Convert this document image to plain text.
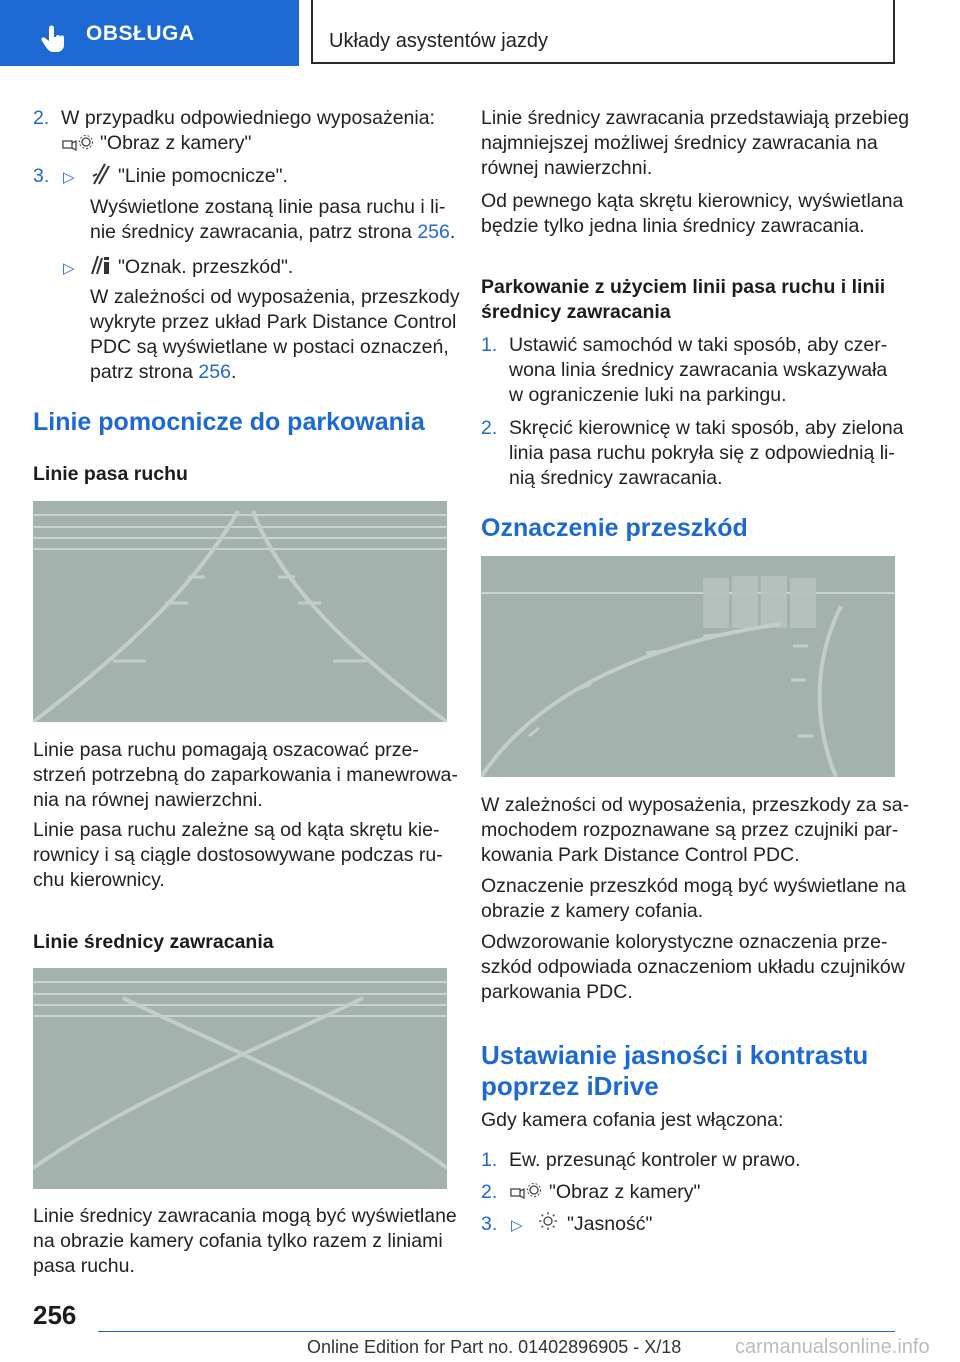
OBSŁUGA	Układy asystentów jazdy
2. W przypadku odpowiedniego wyposażenia:
"Obraz z kamery"
3. ▷ "Linie pomocnicze".
Wyświetlone zostaną linie pasa ruchu i li-
nie średnicy zawracania, patrz strona 256.
▷ "Oznak. przeszkód".
W zależności od wyposażenia, przeszkody
wykryte przez układ Park Distance Control
PDC są wyświetlane w postaci oznaczeń,
patrz strona 256.
Linie pomocnicze do parkowania
Linie pasa ruchu
Linie pasa ruchu pomagają oszacować prze-
strzeń potrzebną do zaparkowania i manewrowa-
nia na równej nawierzchni.
Linie pasa ruchu zależne są od kąta skrętu kie-
rownicy i są ciągle dostosowywane podczas ru-
chu kierownicy.
Linie średnicy zawracania
Linie średnicy zawracania mogą być wyświetlane
na obrazie kamery cofania tylko razem z liniami
pasa ruchu.
Linie średnicy zawracania przedstawiają przebieg
najmniejszej możliwej średnicy zawracania na
równej nawierzchni.
Od pewnego kąta skrętu kierownicy, wyświetlana
będzie tylko jedna linia średnicy zawracania.
Parkowanie z użyciem linii pasa ruchu i linii
średnicy zawracania
1. Ustawić samochód w taki sposób, aby czer-
wona linia średnicy zawracania wskazywała
w ograniczenie luki na parkingu.
2. Skręcić kierownicę w taki sposób, aby zielona
linia pasa ruchu pokryła się z odpowiednią li-
nią średnicy zawracania.
Oznaczenie przeszkód
W zależności od wyposażenia, przeszkody za sa-
mochodem rozpoznawane są przez czujniki par-
kowania Park Distance Control PDC.
Oznaczenie przeszkód mogą być wyświetlane na
obrazie z kamery cofania.
Odwzorowanie kolorystyczne oznaczenia prze-
szkód odpowiada oznaczeniom układu czujników
parkowania PDC.
Ustawianie jasności i kontrastu
poprzez iDrive
Gdy kamera cofania jest włączona:
1. Ew. przesunąć kontroler w prawo.
2.	"Obraz z kamery"
3. ▷ "Jasność"
256
Online Edition for Part no. 01402896905 - X/18	carmanualsonline.info
